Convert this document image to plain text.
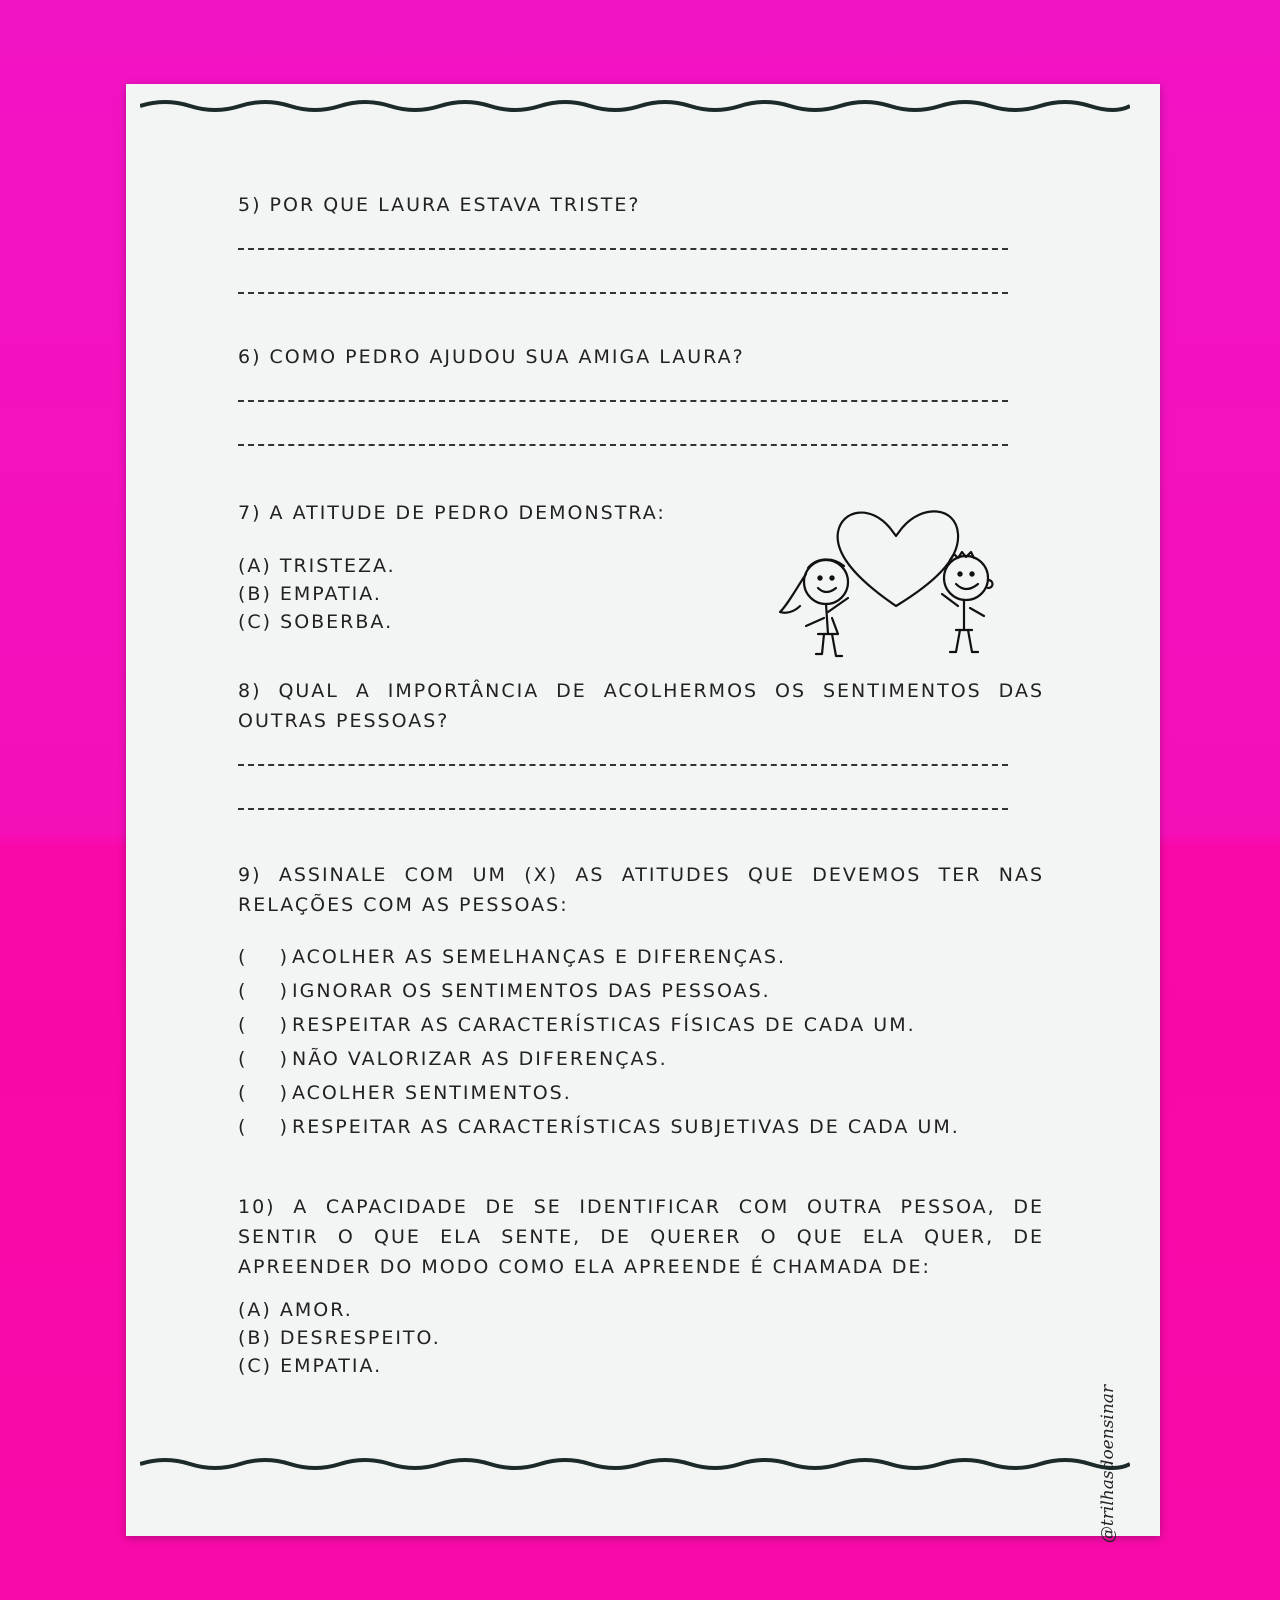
5) POR QUE LAURA ESTAVA TRISTE?

6) COMO PEDRO AJUDOU SUA AMIGA LAURA?

7) A ATITUDE DE PEDRO DEMONSTRA:

(A) TRISTEZA.
(B) EMPATIA.
(C) SOBERBA.

8) QUAL A IMPORTÂNCIA DE ACOLHERMOS OS SENTIMENTOS DAS OUTRAS PESSOAS?

9) ASSINALE COM UM (X) AS ATITUDES QUE DEVEMOS TER NAS RELAÇÕES COM AS PESSOAS:

(    ) ACOLHER AS SEMELHANÇAS E DIFERENÇAS.
(    ) IGNORAR OS SENTIMENTOS DAS PESSOAS.
(    ) RESPEITAR AS CARACTERÍSTICAS FÍSICAS DE CADA UM.
(    ) NÃO VALORIZAR AS DIFERENÇAS.
(    ) ACOLHER SENTIMENTOS.
(    ) RESPEITAR AS CARACTERÍSTICAS SUBJETIVAS DE CADA UM.

10) A CAPACIDADE DE SE IDENTIFICAR COM OUTRA PESSOA, DE SENTIR O QUE ELA SENTE, DE QUERER O QUE ELA QUER, DE APREENDER DO MODO COMO ELA APREENDE É CHAMADA DE:

(A) AMOR.
(B) DESRESPEITO.
(C) EMPATIA.
@trilhasdoensinar
